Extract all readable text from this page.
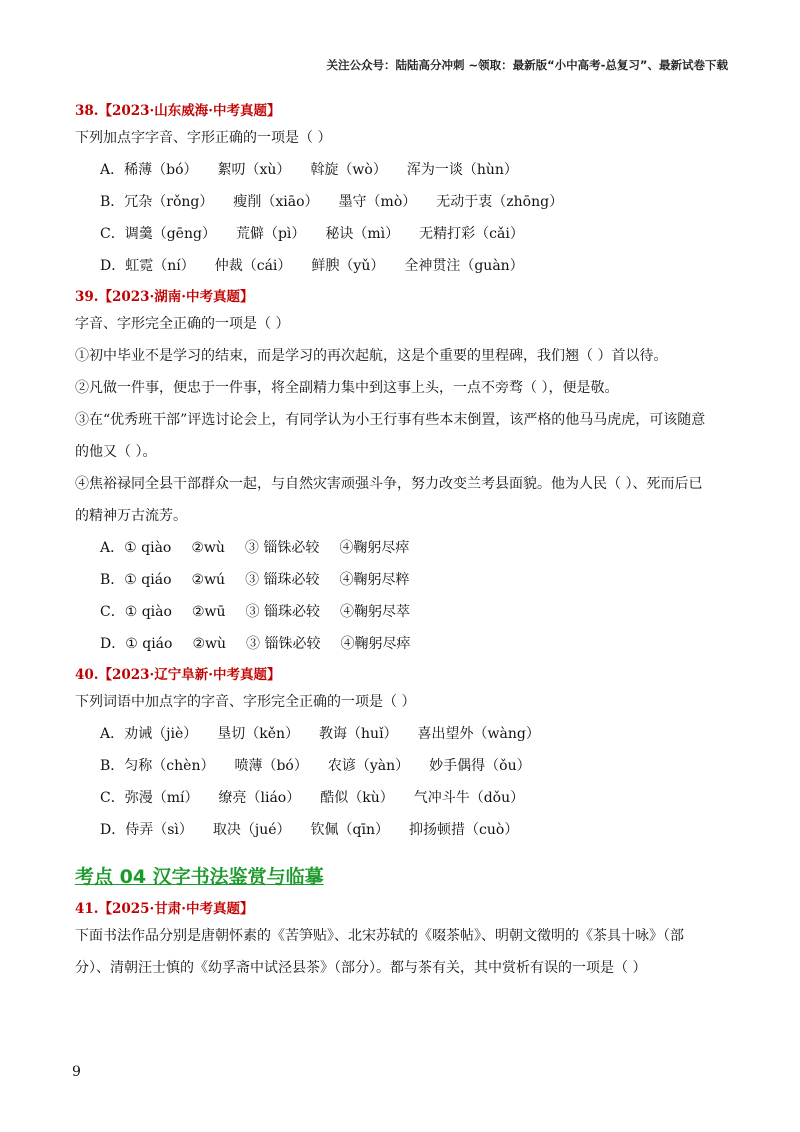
关注公众号：陆陆高分冲刺 ~领取：最新版“小中高考-总复习”、最新试卷下载
38.【2023·山东威海·中考真题】
下列加点字字音、字形正确的一项是（ ）
A．稀薄（bó） 絮叨（xù） 斡旋（wò） 浑为一谈（hùn）
B．冗杂（rǒng） 瘦削（xiāo） 墨守（mò） 无动于衷（zhōng）
C．调羹（gēng） 荒僻（pì） 秘诀（mì） 无精打彩（cǎi）
D．虹霓（ní） 仲裁（cái） 鲜腴（yǔ） 全神贯注（guàn）
39.【2023·湖南·中考真题】
字音、字形完全正确的一项是（ ）
①初中毕业不是学习的结束，而是学习的再次起航，这是个重要的里程碑，我们翘（ ）首以待。
②凡做一件事，便忠于一件事，将全副精力集中到这事上头，一点不旁骛（ ），便是敬。
③在“优秀班干部”评选讨论会上，有同学认为小王行事有些本末倒置，该严格的他马马虎虎，可该随意
的他又（ ）。
④焦裕禄同全县干部群众一起，与自然灾害顽强斗争，努力改变兰考县面貌。他为人民（ ）、死而后已
的精神万古流芳。
A．① qiào ②wù ③ 锱铢必较 ④鞠躬尽瘁
B．① qiáo ②wú ③ 锱珠必较 ④鞠躬尽粹
C．① qiào ②wū ③ 锱珠必较 ④鞠躬尽萃
D．① qiáo ②wù ③ 锱铢必较 ④鞠躬尽瘁
40.【2023·辽宁阜新·中考真题】
下列词语中加点字的字音、字形完全正确的一项是（ ）
A．劝诫（jiè） 垦切（kěn） 教诲（huǐ） 喜出望外（wàng）
B．匀称（chèn） 喷薄（bó） 农谚（yàn） 妙手偶得（ǒu）
C．弥漫（mí） 缭亮（liáo） 酷似（kù） 气冲斗牛（dǒu）
D．侍弄（sì） 取决（jué） 钦佩（qīn） 抑扬顿措（cuò）
考点 04 汉字书法鉴赏与临摹
41.【2025·甘肃·中考真题】
下面书法作品分别是唐朝怀素的《苦笋贴》、北宋苏轼的《啜茶帖》、明朝文徵明的《茶具十咏》（部
分）、清朝汪士慎的《幼孚斋中试泾县茶》（部分）。都与茶有关，其中赏析有误的一项是（ ）
9
